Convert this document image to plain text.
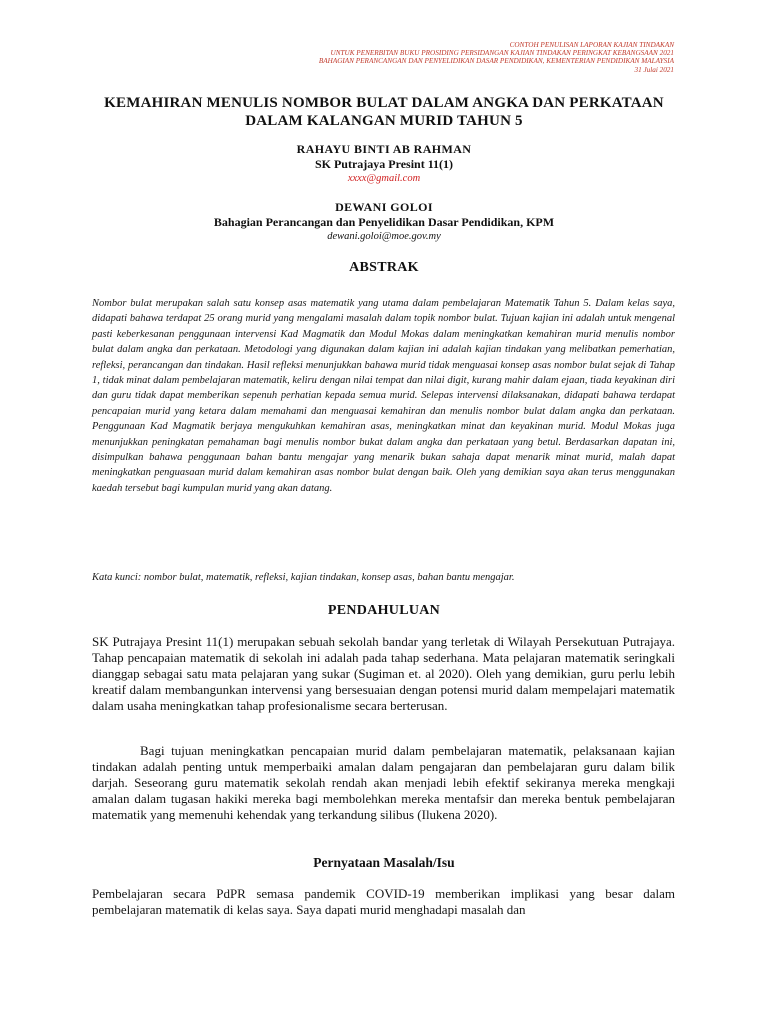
CONTOH PENULISAN LAPORAN KAJIAN TINDAKAN
UNTUK PENERBITAN BUKU PROSIDING PERSIDANGAN KAJIAN TINDAKAN PERINGKAT KEBANGSAAN 2021
BAHAGIAN PERANCANGAN DAN PENYELIDIKAN DASAR PENDIDIKAN, KEMENTERIAN PENDIDIKAN MALAYSIA
31 Julai 2021
KEMAHIRAN MENULIS NOMBOR BULAT DALAM ANGKA DAN PERKATAAN
DALAM KALANGAN MURID TAHUN 5
RAHAYU BINTI AB RAHMAN
SK Putrajaya Presint 11(1)
xxxx@gmail.com
DEWANI GOLOI
Bahagian Perancangan dan Penyelidikan Dasar Pendidikan, KPM
dewani.goloi@moe.gov.my
ABSTRAK
Nombor bulat merupakan salah satu konsep asas matematik yang utama dalam pembelajaran Matematik Tahun 5. Dalam kelas saya, didapati bahawa terdapat 25 orang murid yang mengalami masalah dalam topik nombor bulat. Tujuan kajian ini adalah untuk mengenal pasti keberkesanan penggunaan intervensi Kad Magmatik dan Modul Mokas dalam meningkatkan kemahiran murid menulis nombor bulat dalam angka dan perkataan. Metodologi yang digunakan dalam kajian ini adalah kajian tindakan yang melibatkan pemerhatian, refleksi, perancangan dan tindakan. Hasil refleksi menunjukkan bahawa murid tidak menguasai konsep asas nombor bulat sejak di Tahap 1, tidak minat dalam pembelajaran matematik, keliru dengan nilai tempat dan nilai digit, kurang mahir dalam ejaan, tiada keyakinan diri dan guru tidak dapat memberikan sepenuh perhatian kepada semua murid. Selepas intervensi dilaksanakan, didapati bahawa terdapat pencapaian murid yang ketara dalam memahami dan menguasai kemahiran dan menulis nombor bulat dalam angka dan perkataan. Penggunaan Kad Magmatik berjaya mengukuhkan kemahiran asas, meningkatkan minat dan keyakinan murid. Modul Mokas juga menunjukkan peningkatan pemahaman bagi menulis nombor bukat dalam angka dan perkataan yang betul. Berdasarkan dapatan ini, disimpulkan bahawa penggunaan bahan bantu mengajar yang menarik bukan sahaja dapat menarik minat murid, malah dapat meningkatkan penguasaan murid dalam kemahiran asas nombor bulat dengan baik. Oleh yang demikian saya akan terus menggunakan kaedah tersebut bagi kumpulan murid yang akan datang.
Kata kunci: nombor bulat, matematik, refleksi, kajian tindakan, konsep asas, bahan bantu mengajar.
PENDAHULUAN
SK Putrajaya Presint 11(1) merupakan sebuah sekolah bandar yang terletak di Wilayah Persekutuan Putrajaya. Tahap pencapaian matematik di sekolah ini adalah pada tahap sederhana. Mata pelajaran matematik seringkali dianggap sebagai satu mata pelajaran yang sukar (Sugiman et. al 2020). Oleh yang demikian, guru perlu lebih kreatif dalam membangunkan intervensi yang bersesuaian dengan potensi murid dalam mempelajari matematik dalam usaha meningkatkan tahap profesionalisme secara berterusan.
Bagi tujuan meningkatkan pencapaian murid dalam pembelajaran matematik, pelaksanaan kajian tindakan adalah penting untuk memperbaiki amalan dalam pengajaran dan pembelajaran guru dalam bilik darjah. Seseorang guru matematik sekolah rendah akan menjadi lebih efektif sekiranya mereka mengkaji amalan dalam tugasan hakiki mereka bagi membolehkan mereka mentafsir dan mereka bentuk pembelajaran matematik yang memenuhi kehendak yang terkandung silibus (Ilukena 2020).
Pernyataan Masalah/Isu
Pembelajaran secara PdPR semasa pandemik COVID-19 memberikan implikasi yang besar dalam pembelajaran matematik di kelas saya. Saya dapati murid menghadapi masalah dan
